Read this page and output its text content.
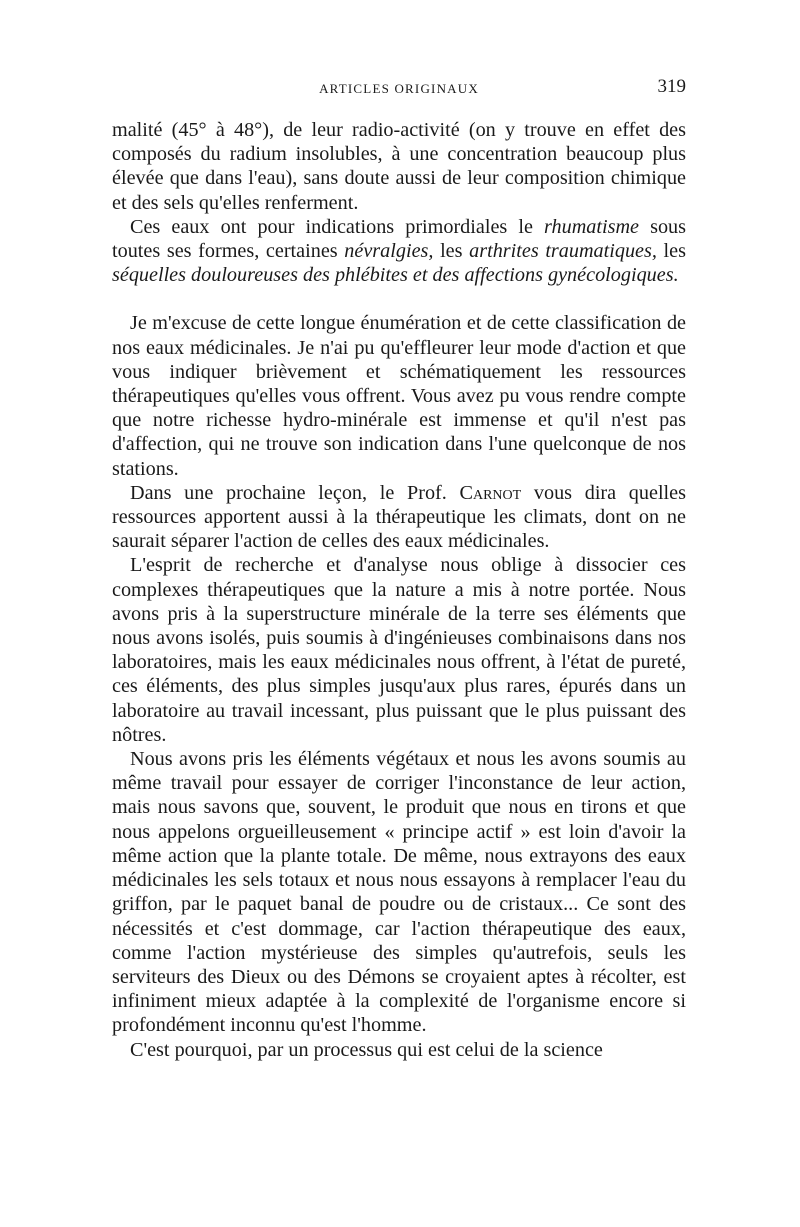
ARTICLES ORIGINAUX	319

malité (45° à 48°), de leur radio-activité (on y trouve en effet des composés du radium insolubles, à une concentration beaucoup plus élevée que dans l'eau), sans doute aussi de leur composition chimique et des sels qu'elles renferment.

Ces eaux ont pour indications primordiales le rhumatisme sous toutes ses formes, certaines névralgies, les arthrites traumatiques, les séquelles douloureuses des phlébites et des affections gynécologiques.

Je m'excuse de cette longue énumération et de cette classification de nos eaux médicinales. Je n'ai pu qu'effleurer leur mode d'action et que vous indiquer brièvement et schématiquement les ressources thérapeutiques qu'elles vous offrent. Vous avez pu vous rendre compte que notre richesse hydro-minérale est immense et qu'il n'est pas d'affection, qui ne trouve son indication dans l'une quelconque de nos stations.

Dans une prochaine leçon, le Prof. Carnot vous dira quelles ressources apportent aussi à la thérapeutique les climats, dont on ne saurait séparer l'action de celles des eaux médicinales.

L'esprit de recherche et d'analyse nous oblige à dissocier ces complexes thérapeutiques que la nature a mis à notre portée. Nous avons pris à la superstructure minérale de la terre ses éléments que nous avons isolés, puis soumis à d'ingénieuses combinaisons dans nos laboratoires, mais les eaux médicinales nous offrent, à l'état de pureté, ces éléments, des plus simples jusqu'aux plus rares, épurés dans un laboratoire au travail incessant, plus puissant que le plus puissant des nôtres.

Nous avons pris les éléments végétaux et nous les avons soumis au même travail pour essayer de corriger l'inconstance de leur action, mais nous savons que, souvent, le produit que nous en tirons et que nous appelons orgueilleusement « principe actif » est loin d'avoir la même action que la plante totale. De même, nous extrayons des eaux médicinales les sels totaux et nous nous essayons à remplacer l'eau du griffon, par le paquet banal de poudre ou de cristaux... Ce sont des nécessités et c'est dommage, car l'action thérapeutique des eaux, comme l'action mystérieuse des simples qu'autrefois, seuls les serviteurs des Dieux ou des Démons se croyaient aptes à récolter, est infiniment mieux adaptée à la complexité de l'organisme encore si profondément inconnu qu'est l'homme.

C'est pourquoi, par un processus qui est celui de la science
